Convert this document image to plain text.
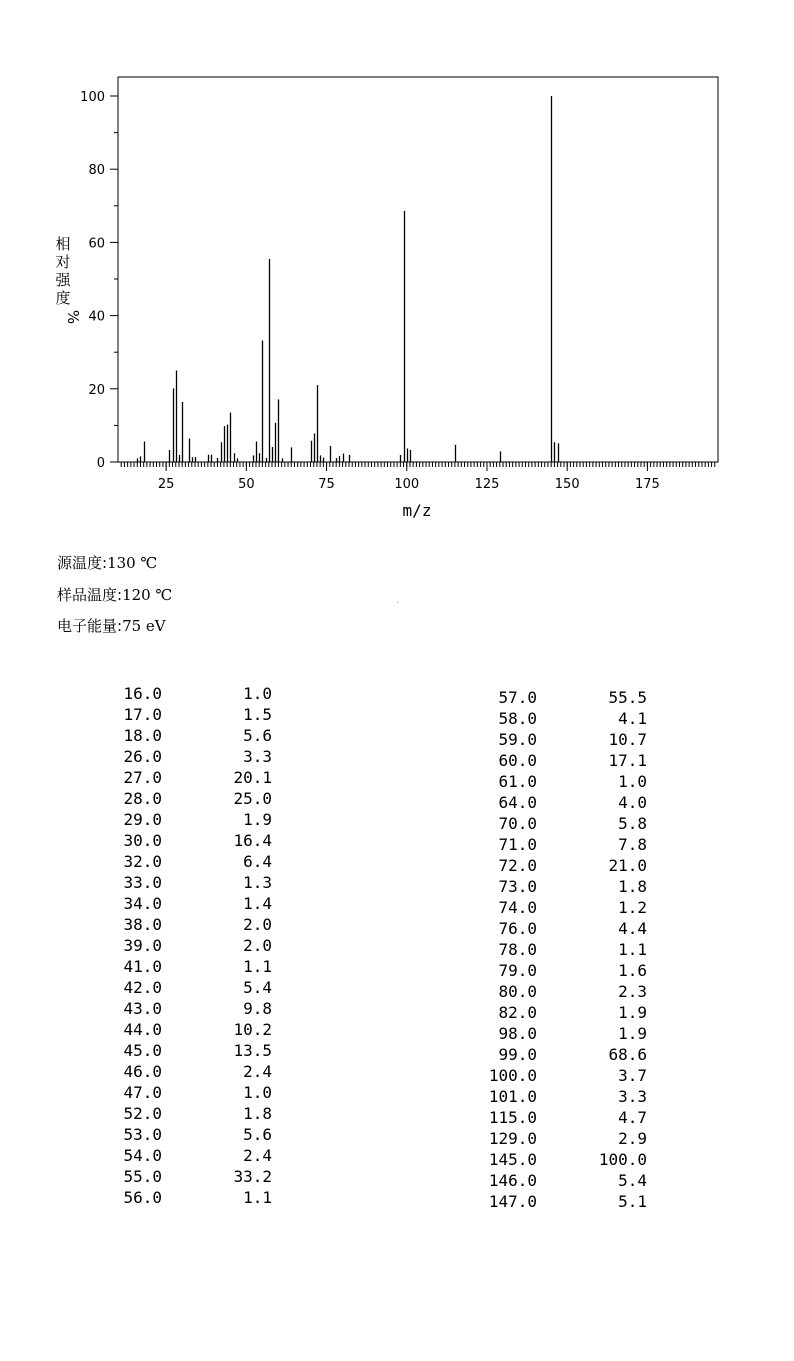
25	50	75	100	125	150	175
0
20
40
60
80
100
m/z
相
对
强
度
%
源温度:130 ℃
样品温度:120 ℃
电子能量:75 eV
16.0	1.0
17.0	1.5
18.0	5.6
26.0	3.3
27.0	20.1
28.0	25.0
29.0	1.9
30.0	16.4
32.0	6.4
33.0	1.3
34.0	1.4
38.0	2.0
39.0	2.0
41.0	1.1
42.0	5.4
43.0	9.8
44.0	10.2
45.0	13.5
46.0	2.4
47.0	1.0
52.0	1.8
53.0	5.6
54.0	2.4
55.0	33.2
56.0	1.1
57.0	55.5
58.0	4.1
59.0	10.7
60.0	17.1
61.0	1.0
64.0	4.0
70.0	5.8
71.0	7.8
72.0	21.0
73.0	1.8
74.0	1.2
76.0	4.4
78.0	1.1
79.0	1.6
80.0	2.3
82.0	1.9
98.0	1.9
99.0	68.6
100.0	3.7
101.0	3.3
115.0	4.7
129.0	2.9
145.0	100.0
146.0	5.4
147.0	5.1
